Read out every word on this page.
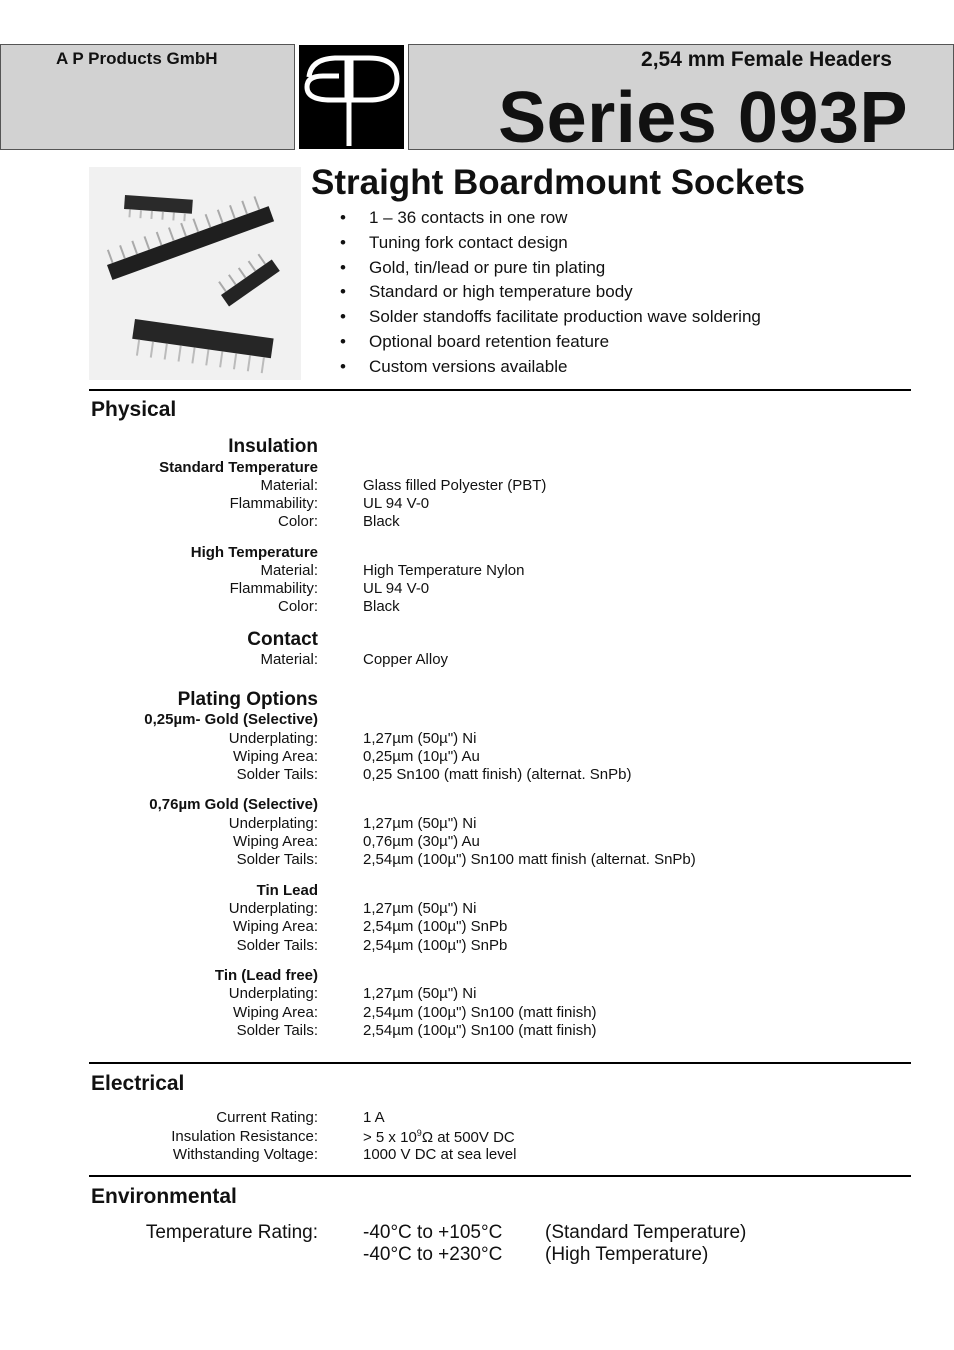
A P Products GmbH	2,54 mm Female Headers
Series 093P
Straight Boardmount Sockets
• 1 – 36 contacts in one row
• Tuning fork contact design
• Gold, tin/lead or pure tin plating
• Standard or high temperature body
• Solder standoffs facilitate production wave soldering
• Optional board retention feature
• Custom versions available
Physical
Insulation
Standard Temperature
Material:	Glass filled Polyester (PBT)
Flammability:	UL 94 V-0
Color:	Black
High Temperature
Material:	High Temperature Nylon
Flammability:	UL 94 V-0
Color:	Black
Contact
Material:	Copper Alloy
Plating Options
0,25µm- Gold (Selective)
Underplating:	1,27µm (50µ") Ni
Wiping Area:	0,25µm (10µ") Au
Solder Tails:	0,25 Sn100 (matt finish) (alternat. SnPb)
0,76µm Gold (Selective)
Underplating:	1,27µm (50µ") Ni
Wiping Area:	0,76µm (30µ") Au
Solder Tails:	2,54µm (100µ") Sn100 matt finish (alternat. SnPb)
Tin Lead
Underplating:	1,27µm (50µ") Ni
Wiping Area:	2,54µm (100µ") SnPb
Solder Tails:	2,54µm (100µ") SnPb
Tin (Lead free)
Underplating:	1,27µm (50µ") Ni
Wiping Area:	2,54µm (100µ") Sn100 (matt finish)
Solder Tails:	2,54µm (100µ") Sn100 (matt finish)
Electrical
Current Rating:	1 A
Insulation Resistance:	> 5 x $10^9\Omega$ at 500V DC
Withstanding Voltage:	1000 V DC at sea level
Environmental
Temperature Rating: -40°C to +105°C (Standard Temperature)
-40°C to +230°C (High Temperature)
